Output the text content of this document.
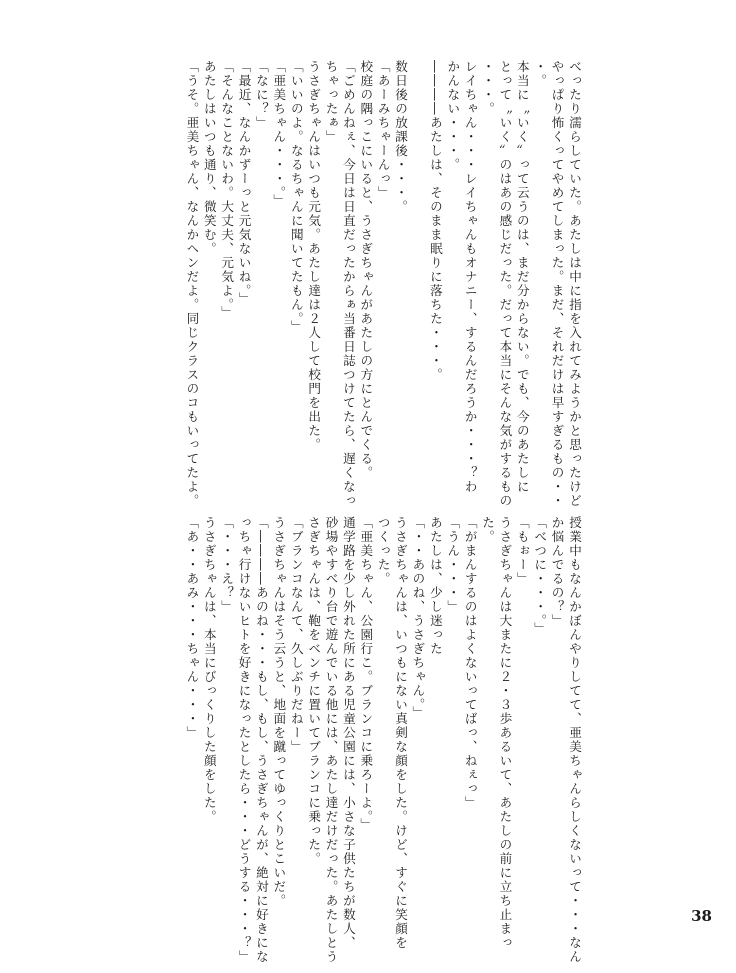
べったり濡らしていた。あたしは中に指を入れてみようかと思ったけど
やっぱり怖くってやめてしまった。まだ、それだけは早すぎるもの・・
・。
本当に〝いく〟って云うのは、まだ分からない。でも、今のあたしに
とって〝いく〟のはあの感じだった。だって本当にそんな気がするもの
・・・。
レイちゃん・・・レイちゃんもオナニー、するんだろうか・・・？わ
かんない・・・。
――――あたしは、そのまま眠りに落ちた・・・。
数日後の放課後・・・。
「あーみちゃーんっ」
校庭の隅っこにいると、うさぎちゃんがあたしの方にとんでくる。
「ごめんねぇ、今日は日直だったからぁ当番日誌つけてたら、遅くなっ
ちゃったぁ」
うさぎちゃんはいつも元気。あたし達は２人して校門を出た。
「いいのよ。なるちゃんに聞いてたもん。」
「亜美ちゃん・・・。」
「なに？」
「最近、なんかずーっと元気ないね。」
「そんなことないわ。大丈夫、元気よ。」
あたしはいつも通り、微笑む。
「うそ。亜美ちゃん、なんかヘンだよ。同じクラスのコもいってたよ。
授業中もなんかぼんやりしてて、亜美ちゃんらしくないって・・・なん
か悩んでるの？」
「べつに・・・。」
「もぉー」
うさぎちゃんは大またに２・３歩あるいて、あたしの前に立ち止まっ
た。
「がまんするのはよくないってばっ、ねぇっ」
「うん・・・」
あたしは、少し迷った
「・・あのね、うさぎちゃん。」
うさぎちゃんは、いつもにない真剣な顔をした。けど、すぐに笑顔を
つくった。
「亜美ちゃん、公園行こ。ブランコに乗ろーよ。」
通学路を少し外れた所にある児童公園には、小さな子供たちが数人、
砂場やすべり台で遊んでいる他には、あたし達だけだった。あたしとう
さぎちゃんは、鞄をベンチに置いてブランコに乗った。
「ブランコなんて、久しぶりだねー」
うさぎちゃんはそう云うと、地面を蹴ってゆっくりとこいだ。
「――――あのね・・・もし、もし、うさぎちゃんが、絶対に好きにな
っちゃ行けないヒトを好きになったとしたら・・・どうする・・・？」
「・・・え？」
うさぎちゃんは、本当にびっくりした顔をした。
「あ・・あみ・・・ちゃん・・・」
38
